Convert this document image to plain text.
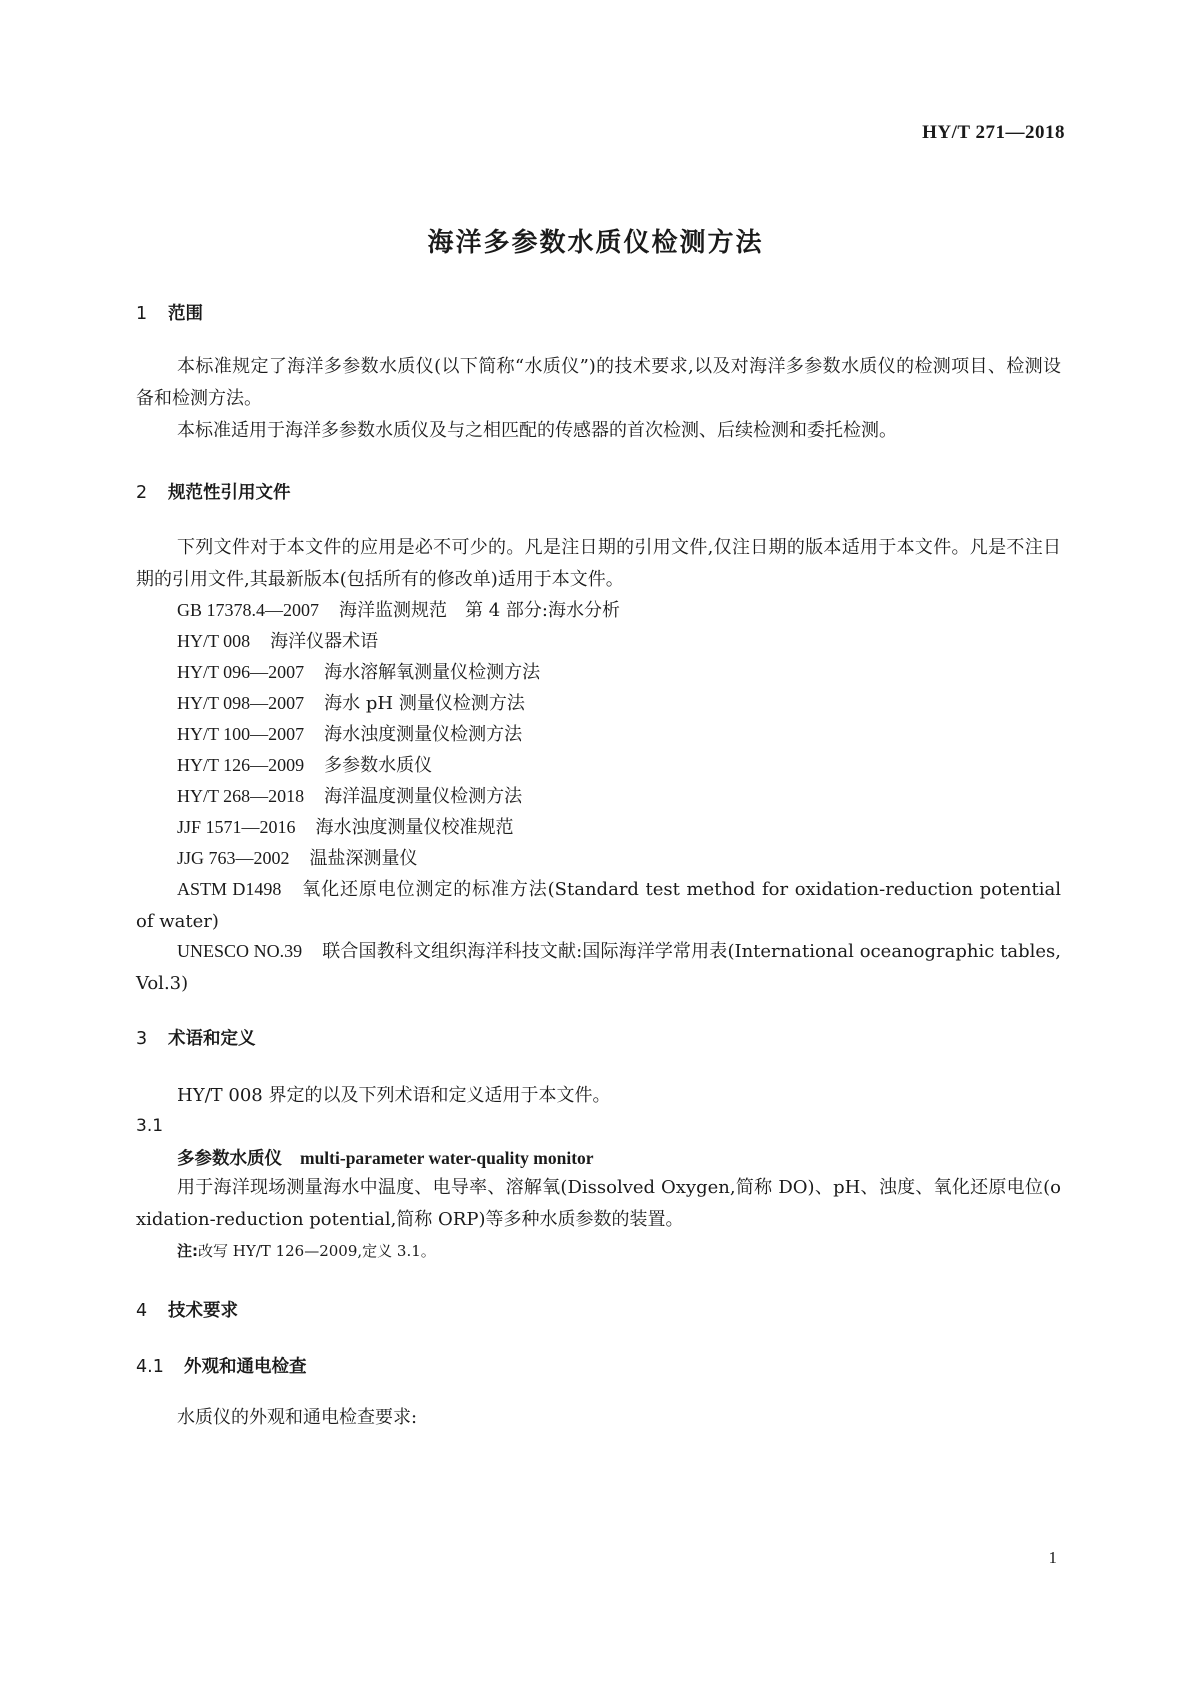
HY/T 271—2018
海洋多参数水质仪检测方法
1 范围
本标准规定了海洋多参数水质仪(以下简称“水质仪”)的技术要求,以及对海洋多参数水质仪的检测项目、检测设备和检测方法。
本标准适用于海洋多参数水质仪及与之相匹配的传感器的首次检测、后续检测和委托检测。
2 规范性引用文件
下列文件对于本文件的应用是必不可少的。凡是注日期的引用文件,仅注日期的版本适用于本文件。凡是不注日期的引用文件,其最新版本(包括所有的修改单)适用于本文件。
GB 17378.4—2007 海洋监测规范　第 4 部分:海水分析
HY/T 008 海洋仪器术语
HY/T 096—2007 海水溶解氧测量仪检测方法
HY/T 098—2007 海水 pH 测量仪检测方法
HY/T 100—2007 海水浊度测量仪检测方法
HY/T 126—2009 多参数水质仪
HY/T 268—2018 海洋温度测量仪检测方法
JJF 1571—2016 海水浊度测量仪校准规范
JJG 763—2002 温盐深测量仪
ASTM D1498 氧化还原电位测定的标准方法(Standard test method for oxidation-reduction potential of water)
UNESCO NO.39 联合国教科文组织海洋科技文献:国际海洋学常用表(International oceanographic tables, Vol.3)
3 术语和定义
HY/T 008 界定的以及下列术语和定义适用于本文件。
3.1
多参数水质仪 multi-parameter water-quality monitor
用于海洋现场测量海水中温度、电导率、溶解氧(Dissolved Oxygen,简称 DO)、pH、浊度、氧化还原电位(oxidation-reduction potential,简称 ORP)等多种水质参数的装置。
注:改写 HY/T 126—2009,定义 3.1。
4 技术要求
4.1 外观和通电检查
水质仪的外观和通电检查要求:
1
